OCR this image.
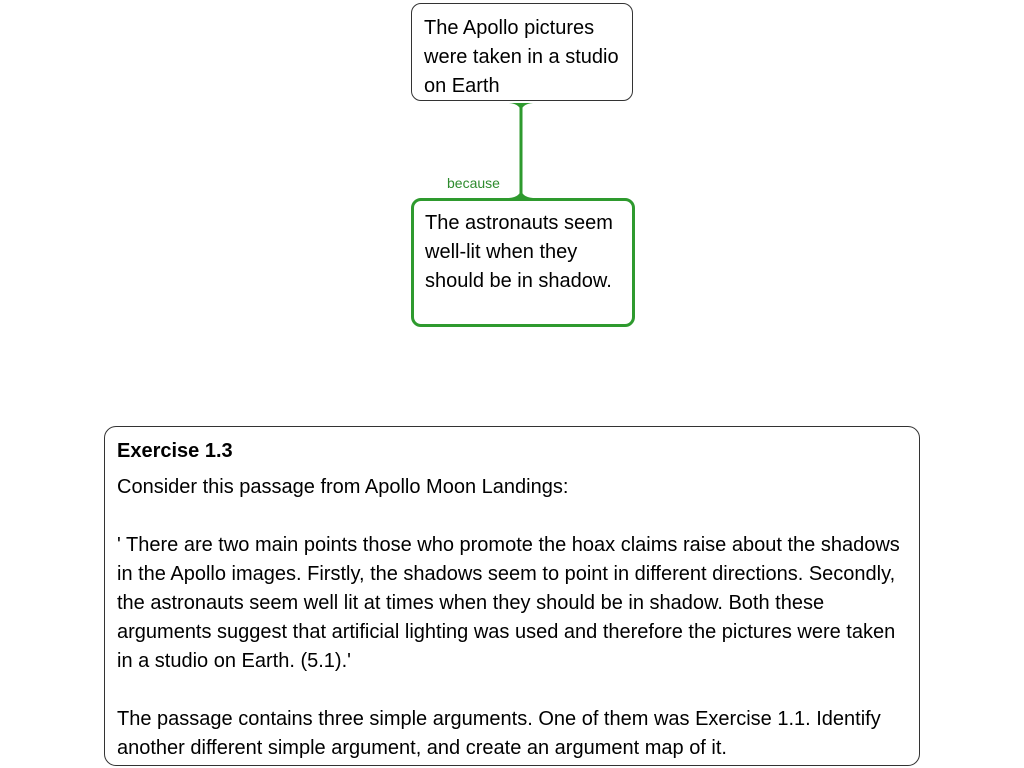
The Apollo pictures were taken in a studio on Earth
because
The astronauts seem well-lit when they should be in shadow.
Exercise 1.3

Consider this passage from Apollo Moon Landings:

' There are two main points those who promote the hoax claims raise about the shadows in the Apollo images. Firstly, the shadows seem to point in different directions. Secondly, the astronauts seem well lit at times when they should be in shadow. Both these arguments suggest that artificial lighting was used and therefore the pictures were taken in a studio on Earth. (5.1).'

The passage contains three simple arguments. One of them was Exercise 1.1. Identify another different simple argument, and create an argument map of it.
